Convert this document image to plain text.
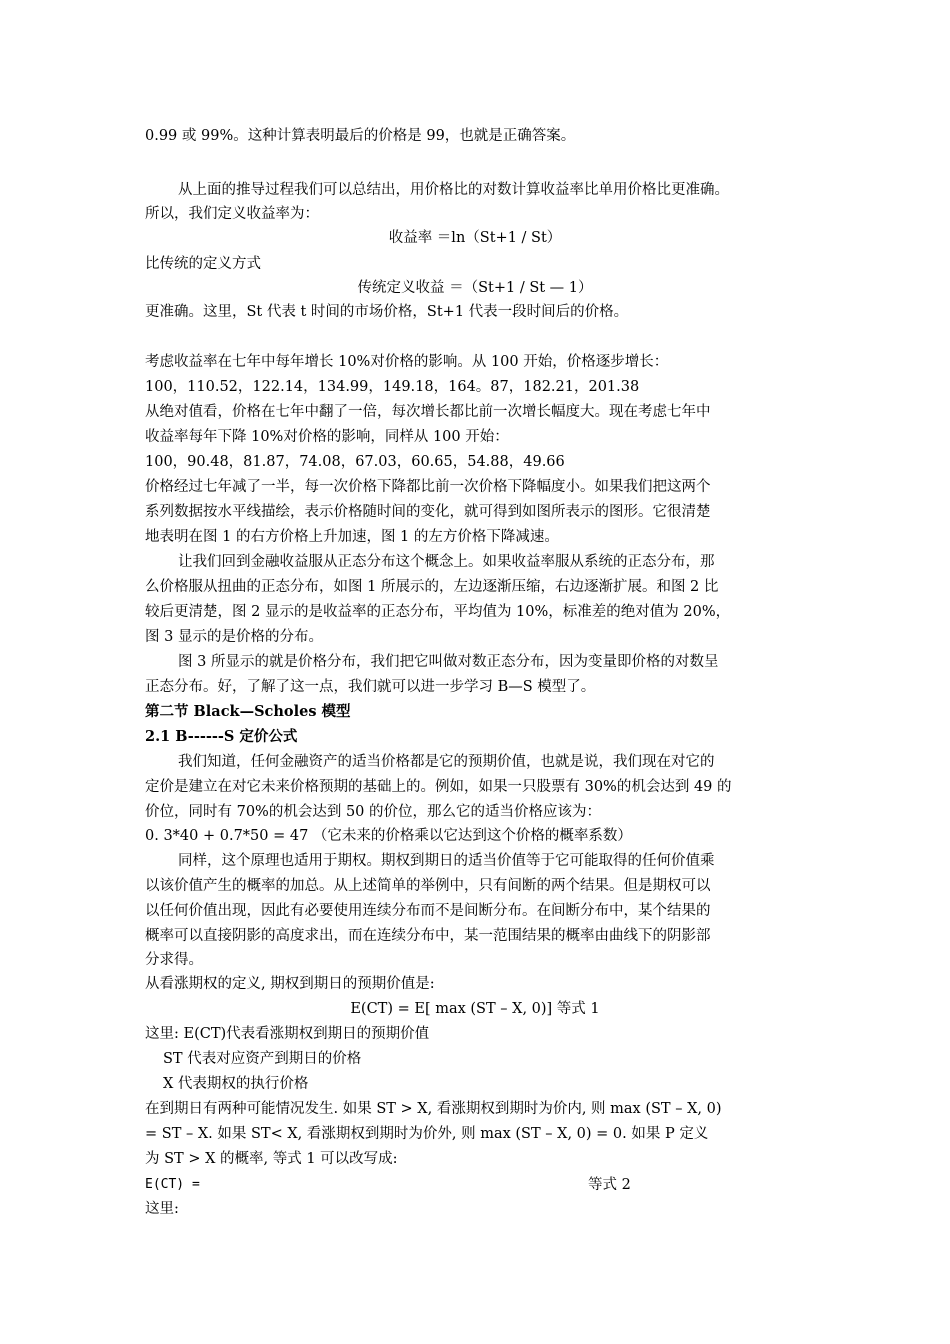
0.99 或 99%。这种计算表明最后的价格是 99，也就是正确答案。
从上面的推导过程我们可以总结出，用价格比的对数计算收益率比单用价格比更准确。
所以，我们定义收益率为：
收益率 ＝ln（St+1 / St）
比传统的定义方式
传统定义收益 ＝（St+1 / St — 1）
更准确。这里，St 代表 t 时间的市场价格，St+1 代表一段时间后的价格。
考虑收益率在七年中每年增长 10%对价格的影响。从 100 开始，价格逐步增长：
100，110.52，122.14，134.99，149.18，164。87，182.21，201.38
从绝对值看，价格在七年中翻了一倍，每次增长都比前一次增长幅度大。现在考虑七年中
收益率每年下降 10%对价格的影响，同样从 100 开始：
100，90.48，81.87，74.08，67.03，60.65，54.88，49.66
价格经过七年减了一半，每一次价格下降都比前一次价格下降幅度小。如果我们把这两个
系列数据按水平线描绘，表示价格随时间的变化，就可得到如图所表示的图形。它很清楚
地表明在图 1 的右方价格上升加速，图 1 的左方价格下降减速。
让我们回到金融收益服从正态分布这个概念上。如果收益率服从系统的正态分布，那
么价格服从扭曲的正态分布，如图 1 所展示的，左边逐渐压缩，右边逐渐扩展。和图 2 比
较后更清楚，图 2 显示的是收益率的正态分布，平均值为 10%，标准差的绝对值为 20%，
图 3 显示的是价格的分布。
图 3 所显示的就是价格分布，我们把它叫做对数正态分布，因为变量即价格的对数呈
正态分布。好，了解了这一点，我们就可以进一步学习 B—S 模型了。
第二节 Black—Scholes 模型
2.1 B------S 定价公式
我们知道，任何金融资产的适当价格都是它的预期价值，也就是说，我们现在对它的
定价是建立在对它未来价格预期的基础上的。例如，如果一只股票有 30%的机会达到 49 的
价位，同时有 70%的机会达到 50 的价位，那么它的适当价格应该为：
0. 3*40 + 0.7*50 = 47 （它未来的价格乘以它达到这个价格的概率系数）
同样，这个原理也适用于期权。期权到期日的适当价值等于它可能取得的任何价值乘
以该价值产生的概率的加总。从上述简单的举例中，只有间断的两个结果。但是期权可以
以任何价值出现，因此有必要使用连续分布而不是间断分布。在间断分布中，某个结果的
概率可以直接阴影的高度求出，而在连续分布中，某一范围结果的概率由曲线下的阴影部
分求得。
从看涨期权的定义, 期权到期日的预期价值是:
E(CT) = E[ max (ST – X, 0)] 等式 1
这里: E(CT)代表看涨期权到期日的预期价值
ST 代表对应资产到期日的价格
X 代表期权的执行价格
在到期日有两种可能情况发生. 如果 ST > X, 看涨期权到期时为价内, 则 max (ST – X, 0)
= ST – X. 如果 ST< X, 看涨期权到期时为价外, 则 max (ST – X, 0) = 0. 如果 P 定义
为 ST > X 的概率, 等式 1 可以改写成:
E(CT) =	等式 2
这里:
